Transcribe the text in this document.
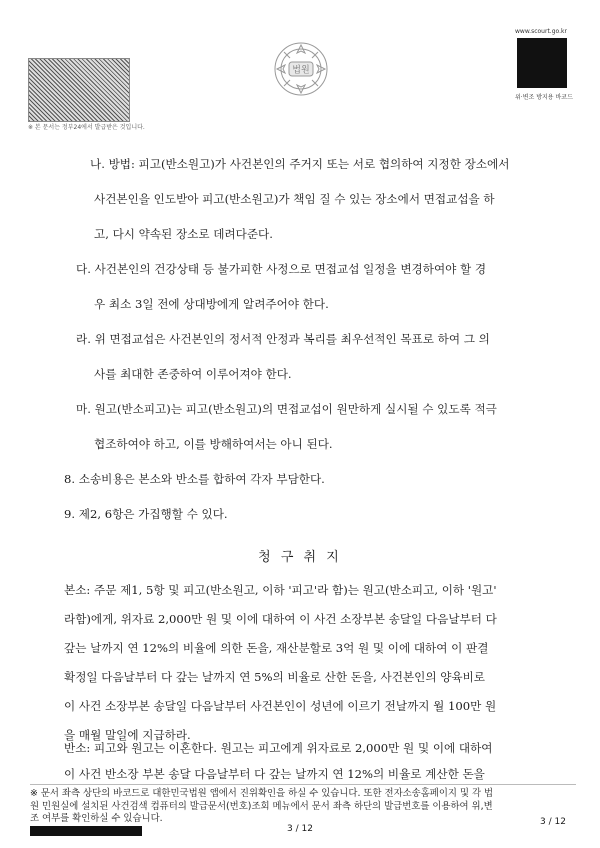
※ 본 문서는 정부24에서 발급받은 것입니다.
법원
www.scourt.go.kr
위·변조 방지용 바코드
나. 방법: 피고(반소원고)가 사건본인의 주거지 또는 서로 협의하여 지정한 장소에서
사건본인을 인도받아 피고(반소원고)가 책임 질 수 있는 장소에서 면접교섭을 하
고, 다시 약속된 장소로 데려다준다.
다. 사건본인의 건강상태 등 불가피한 사정으로 면접교섭 일정을 변경하여야 할 경
우 최소 3일 전에 상대방에게 알려주어야 한다.
라. 위 면접교섭은 사건본인의 정서적 안정과 복리를 최우선적인 목표로 하여 그 의
사를 최대한 존중하여 이루어져야 한다.
마. 원고(반소피고)는 피고(반소원고)의 면접교섭이 원만하게 실시될 수 있도록 적극
협조하여야 하고, 이를 방해하여서는 아니 된다.
8. 소송비용은 본소와 반소를 합하여 각자 부담한다.
9. 제2, 6항은 가집행할 수 있다.
청 구 취 지
본소: 주문 제1, 5항 및 피고(반소원고, 이하 '피고'라 함)는 원고(반소피고, 이하 '원고'
라함)에게, 위자료 2,000만 원 및 이에 대하여 이 사건 소장부본 송달일 다음날부터 다
갚는 날까지 연 12%의 비율에 의한 돈을, 재산분할로 3억 원 및 이에 대하여 이 판결
확정일 다음날부터 다 갚는 날까지 연 5%의 비율로 산한 돈을, 사건본인의 양육비로
이 사건 소장부본 송달일 다음날부터 사건본인이 성년에 이르기 전날까지 월 100만 원
을 매월 말일에 지급하라.
※ 문서 좌측 상단의 바코드로 대한민국법원 앱에서 진위확인을 하실 수 있습니다. 또한 전자소송홈페이지 및 각 법
원 민원실에 설치된 사건검색 컴퓨터의 발급문서(번호)조회 메뉴에서 문서 좌측 하단의 발급번호를 이용하여 위,변
조 여부를 확인하실 수 있습니다.
3 / 12
3 / 12
반소: 피고와 원고는 이혼한다. 원고는 피고에게 위자료로 2,000만 원 및 이에 대하여
이 사건 반소장 부본 송달 다음날부터 다 갚는 날까지 연 12%의 비율로 계산한 돈을
